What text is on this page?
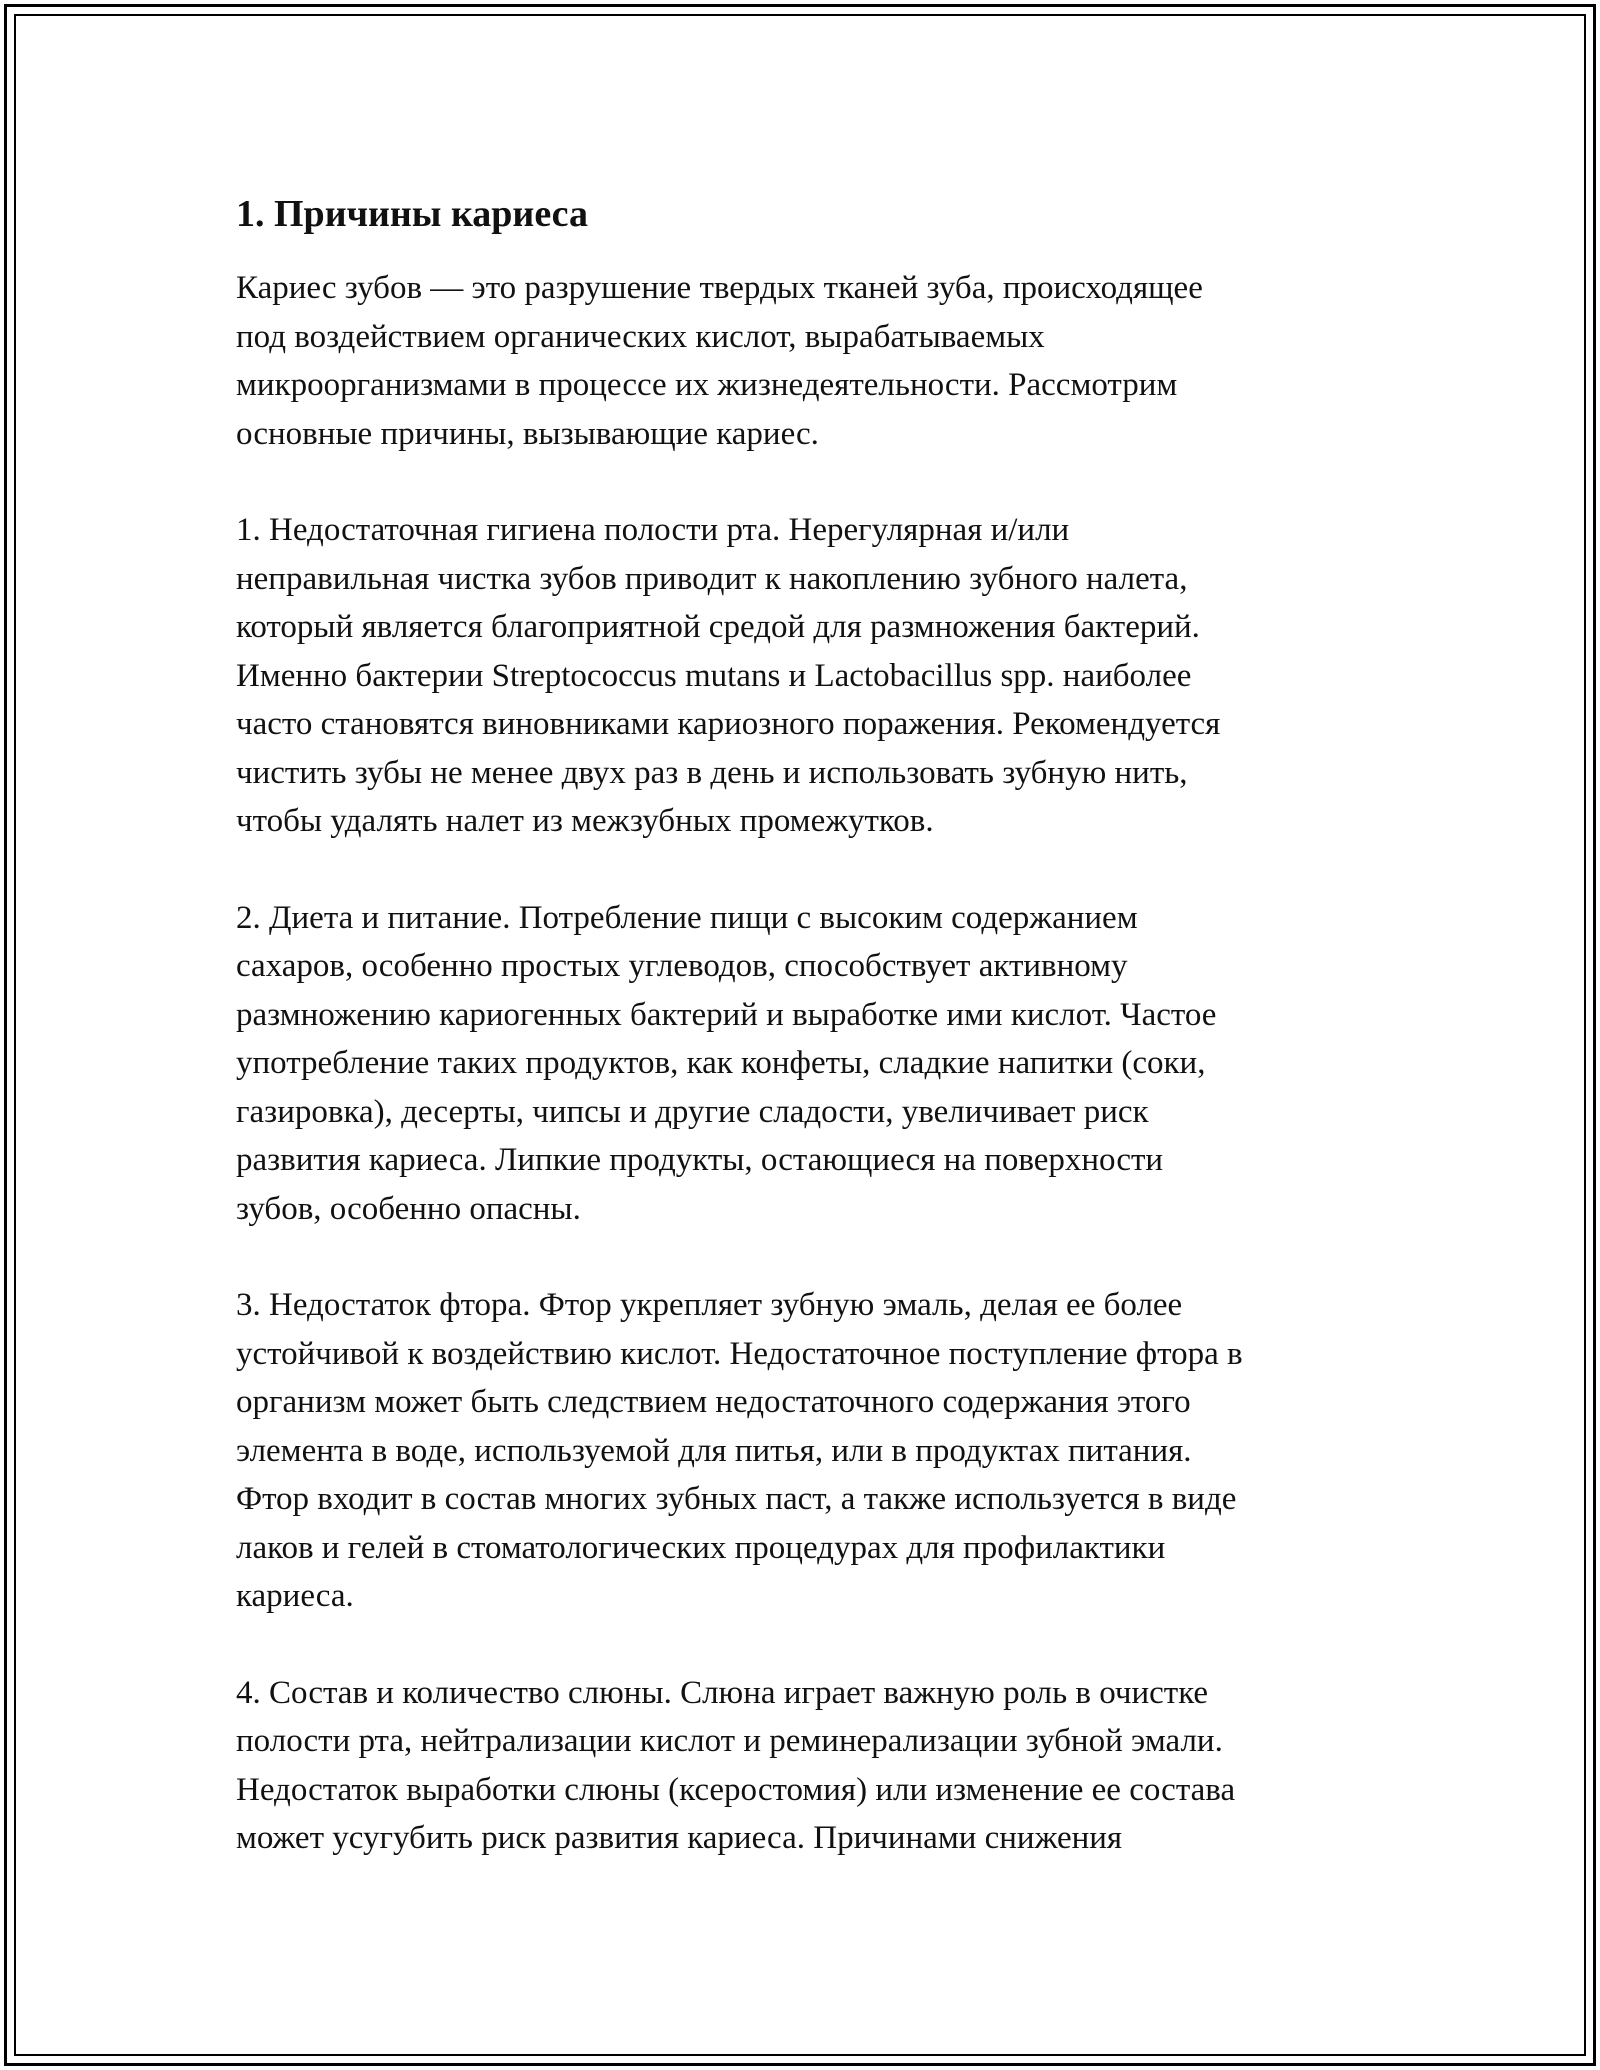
1. Причины кариеса
Кариес зубов — это разрушение твердых тканей зуба, происходящее
под воздействием органических кислот, вырабатываемых
микроорганизмами в процессе их жизнедеятельности. Рассмотрим
основные причины, вызывающие кариес.
1. Недостаточная гигиена полости рта. Нерегулярная и/или
неправильная чистка зубов приводит к накоплению зубного налета,
который является благоприятной средой для размножения бактерий.
Именно бактерии Streptococcus mutans и Lactobacillus spp. наиболее
часто становятся виновниками кариозного поражения. Рекомендуется
чистить зубы не менее двух раз в день и использовать зубную нить,
чтобы удалять налет из межзубных промежутков.
2. Диета и питание. Потребление пищи с высоким содержанием
сахаров, особенно простых углеводов, способствует активному
размножению кариогенных бактерий и выработке ими кислот. Частое
употребление таких продуктов, как конфеты, сладкие напитки (соки,
газировка), десерты, чипсы и другие сладости, увеличивает риск
развития кариеса. Липкие продукты, остающиеся на поверхности
зубов, особенно опасны.
3. Недостаток фтора. Фтор укрепляет зубную эмаль, делая ее более
устойчивой к воздействию кислот. Недостаточное поступление фтора в
организм может быть следствием недостаточного содержания этого
элемента в воде, используемой для питья, или в продуктах питания.
Фтор входит в состав многих зубных паст, а также используется в виде
лаков и гелей в стоматологических процедурах для профилактики
кариеса.
4. Состав и количество слюны. Слюна играет важную роль в очистке
полости рта, нейтрализации кислот и реминерализации зубной эмали.
Недостаток выработки слюны (ксеростомия) или изменение ее состава
может усугубить риск развития кариеса. Причинами снижения
